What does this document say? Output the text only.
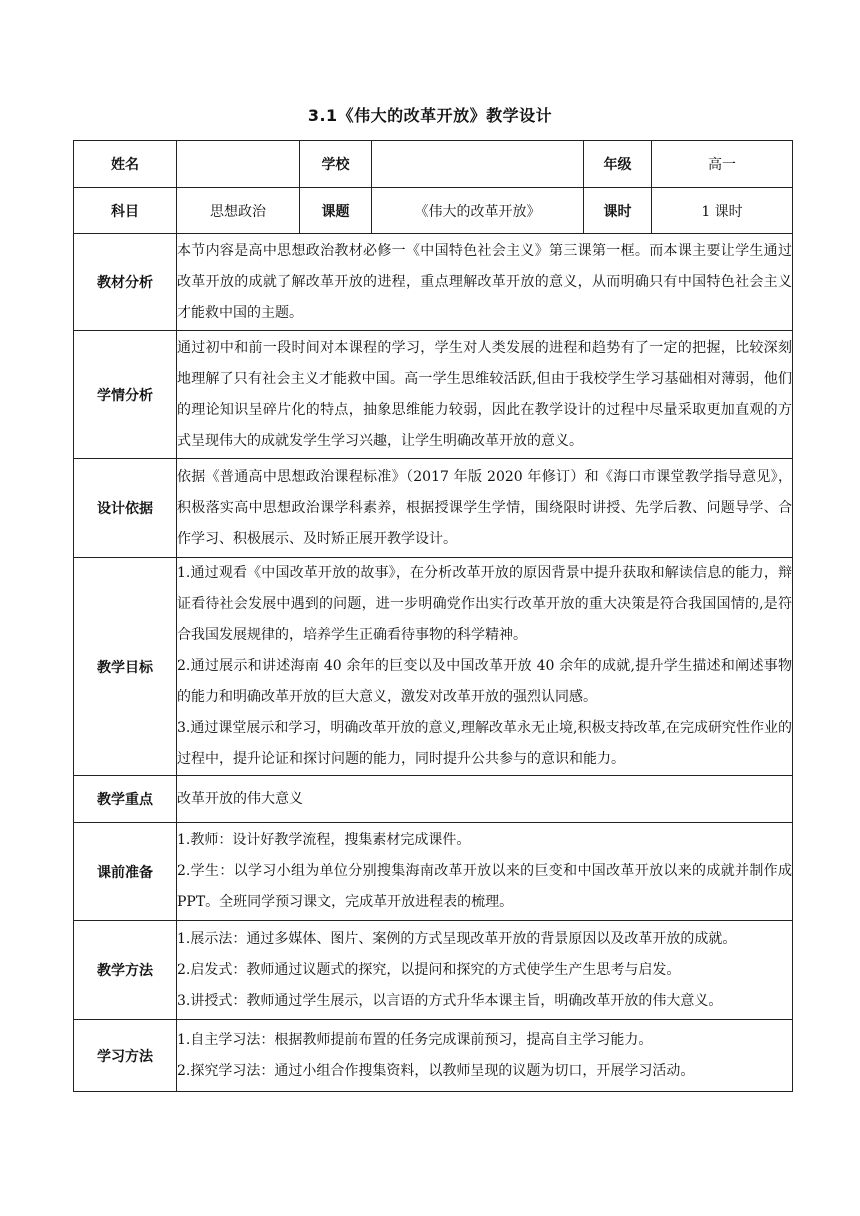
3.1《伟大的改革开放》教学设计
姓名		学校		年级	高一
科目	思想政治	课题	《伟大的改革开放》	课时	1 课时
教材分析	本节内容是高中思想政治教材必修一《中国特色社会主义》第三课第一框。而本课主要让学生通过改革开放的成就了解改革开放的进程，重点理解改革开放的意义，从而明确只有中国特色社会主义才能救中国的主题。				
学情分析	通过初中和前一段时间对本课程的学习，学生对人类发展的进程和趋势有了一定的把握，比较深刻地理解了只有社会主义才能救中国。高一学生思维较活跃,但由于我校学生学习基础相对薄弱，他们的理论知识呈碎片化的特点，抽象思维能力较弱，因此在教学设计的过程中尽量采取更加直观的方式呈现伟大的成就发学生学习兴趣，让学生明确改革开放的意义。				
设计依据	依据《普通高中思想政治课程标准》（2017 年版 2020 年修订）和《海口市课堂教学指导意见》，积极落实高中思想政治课学科素养，根据授课学生学情，围绕限时讲授、先学后教、问题导学、合作学习、积极展示、及时矫正展开教学设计。				
教学目标	1.通过观看《中国改革开放的故事》，在分析改革开放的原因背景中提升获取和解读信息的能力，辩证看待社会发展中遇到的问题，进一步明确党作出实行改革开放的重大决策是符合我国国情的,是符合我国发展规律的，培养学生正确看待事物的科学精神。

2.通过展示和讲述海南 40 余年的巨变以及中国改革开放 40 余年的成就,提升学生描述和阐述事物的能力和明确改革开放的巨大意义，激发对改革开放的强烈认同感。

3.通过课堂展示和学习，明确改革开放的意义,理解改革永无止境,积极支持改革,在完成研究性作业的过程中，提升论证和探讨问题的能力，同时提升公共参与的意识和能力。				

教学重点	改革开放的伟大意义				
课前准备	1.教师：设计好教学流程，搜集素材完成课件。

2.学生：以学习小组为单位分别搜集海南改革开放以来的巨变和中国改革开放以来的成就并制作成 PPT。全班同学预习课文，完成革开放进程表的梳理。				

教学方法	1.展示法：通过多媒体、图片、案例的方式呈现改革开放的背景原因以及改革开放的成就。

2.启发式：教师通过议题式的探究，以提问和探究的方式使学生产生思考与启发。

3.讲授式：教师通过学生展示，以言语的方式升华本课主旨，明确改革开放的伟大意义。				

学习方法	1.自主学习法：根据教师提前布置的任务完成课前预习，提高自主学习能力。

2.探究学习法：通过小组合作搜集资料，以教师呈现的议题为切口，开展学习活动。				
